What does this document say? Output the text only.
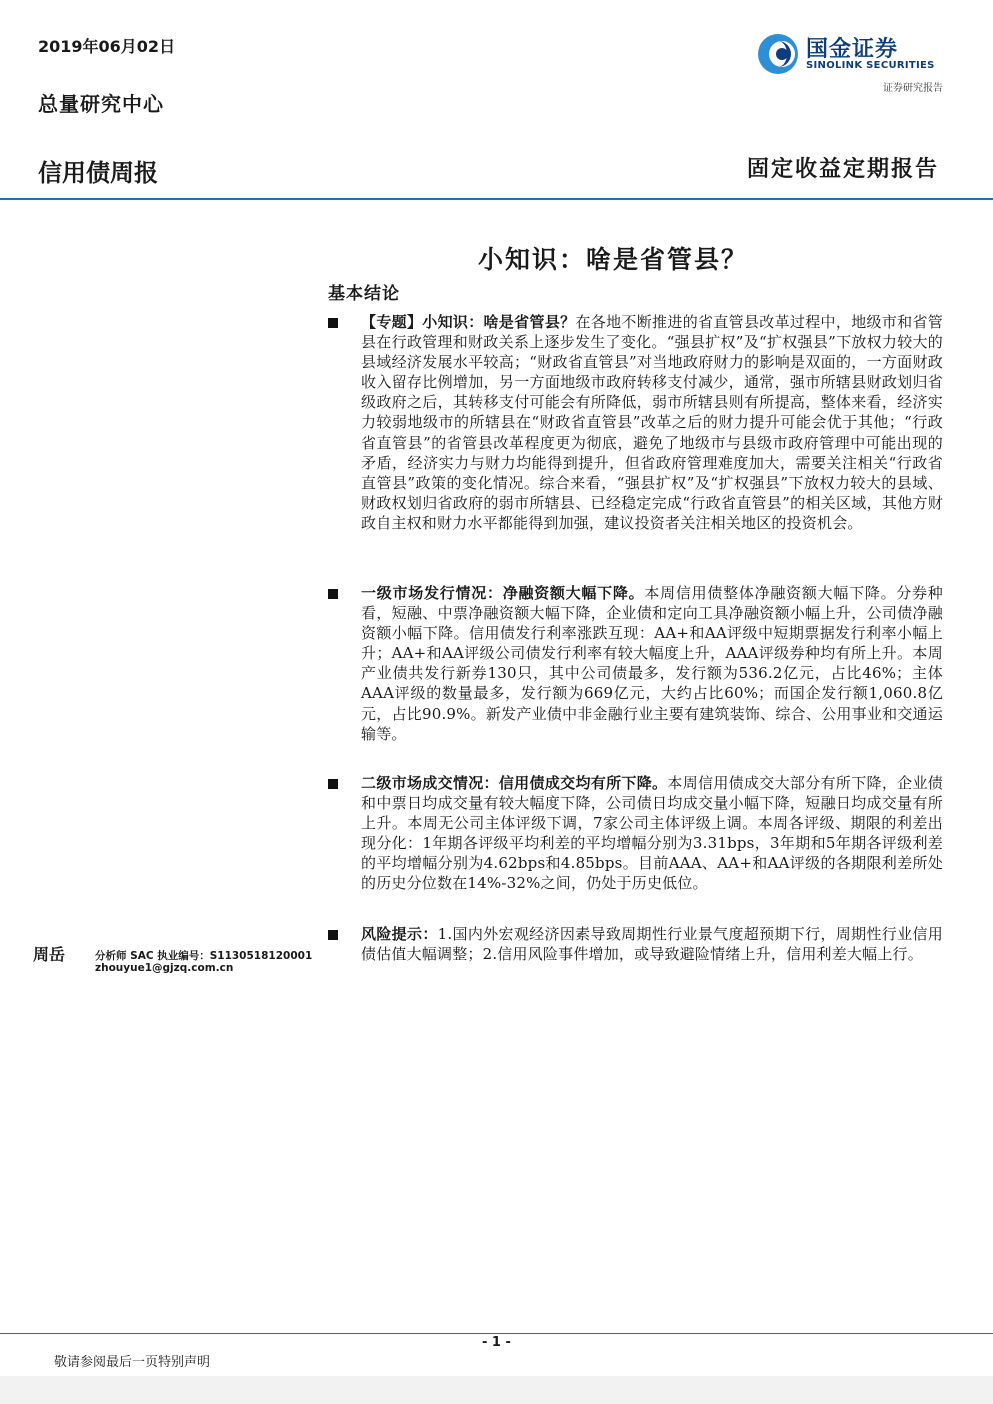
2019年06月02日
总量研究中心
信用债周报	固定收益定期报告
国金证券
SINOLINK SECURITIES
证券研究报告
小知识：啥是省管县？
基本结论
【专题】小知识：啥是省管县？在各地不断推进的省直管县改革过程中，地级市和省管县在行政管理和财政关系上逐步发生了变化。“强县扩权”及“扩权强县”下放权力较大的县域经济发展水平较高；“财政省直管县”对当地政府财力的影响是双面的，一方面财政收入留存比例增加，另一方面地级市政府转移支付减少，通常，强市所辖县财政划归省级政府之后，其转移支付可能会有所降低，弱市所辖县则有所提高，整体来看，经济实力较弱地级市的所辖县在“财政省直管县”改革之后的财力提升可能会优于其他；“行政省直管县”的省管县改革程度更为彻底，避免了地级市与县级市政府管理中可能出现的矛盾，经济实力与财力均能得到提升，但省政府管理难度加大，需要关注相关“行政省直管县”政策的变化情况。综合来看，“强县扩权”及“扩权强县”下放权力较大的县域、财政权划归省政府的弱市所辖县、已经稳定完成“行政省直管县”的相关区域，其他方财政自主权和财力水平都能得到加强，建议投资者关注相关地区的投资机会。
一级市场发行情况：净融资额大幅下降。本周信用债整体净融资额大幅下降。分券种看，短融、中票净融资额大幅下降，企业债和定向工具净融资额小幅上升，公司债净融资额小幅下降。信用债发行利率涨跌互现：AA+和AA评级中短期票据发行利率小幅上升；AA+和AA评级公司债发行利率有较大幅度上升，AAA评级券种均有所上升。本周产业债共发行新券130只，其中公司债最多，发行额为536.2亿元，占比46%；主体AAA评级的数量最多，发行额为669亿元，大约占比60%；而国企发行额1,060.8亿元，占比90.9%。新发产业债中非金融行业主要有建筑装饰、综合、公用事业和交通运输等。
二级市场成交情况：信用债成交均有所下降。本周信用债成交大部分有所下降，企业债和中票日均成交量有较大幅度下降，公司债日均成交量小幅下降，短融日均成交量有所上升。本周无公司主体评级下调，7家公司主体评级上调。本周各评级、期限的利差出现分化：1年期各评级平均利差的平均增幅分别为3.31bps，3年期和5年期各评级利差的平均增幅分别为4.62bps和4.85bps。目前AAA、AA+和AA评级的各期限利差所处的历史分位数在14%-32%之间，仍处于历史低位。
风险提示：1.国内外宏观经济因素导致周期性行业景气度超预期下行，周期性行业信用债估值大幅调整；2.信用风险事件增加，或导致避险情绪上升，信用利差大幅上行。
周岳	分析师 SAC 执业编号：S1130518120001
zhouyue1@gjzq.com.cn
- 1 -
敬请参阅最后一页特别声明
